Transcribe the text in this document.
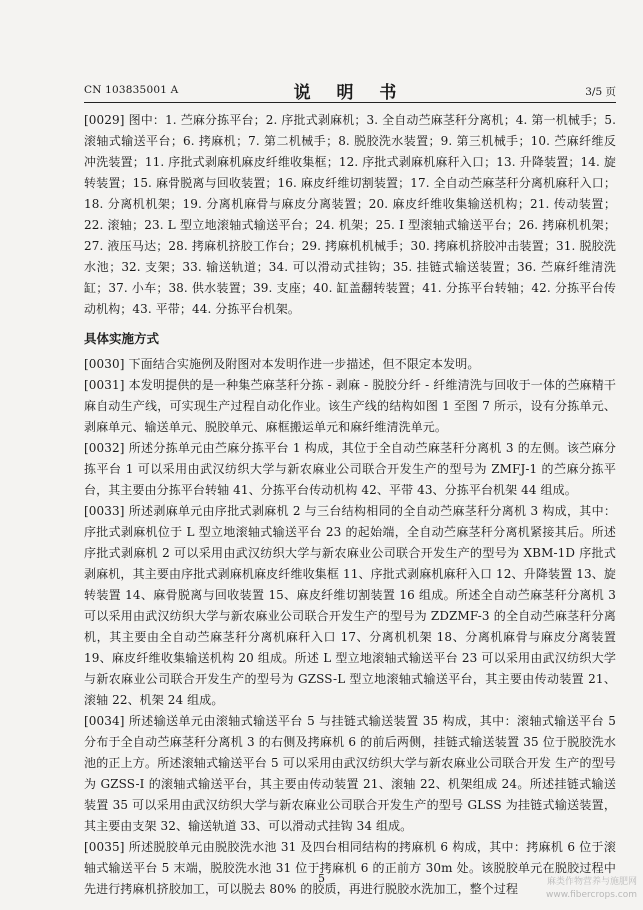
CN 103835001 A	说 明 书	3/5 页

[0029] 图中：1. 苎麻分拣平台；2. 序批式剥麻机；3. 全自动苎麻茎秆分离机；4. 第一机械手；5. 滚轴式输送平台；6. 拷麻机；7. 第二机械手；8. 脱胶洗水装置；9. 第三机械手；10. 苎麻纤维反冲洗装置；11. 序批式剥麻机麻皮纤维收集框；12. 序批式剥麻机麻秆入口；13. 升降装置；14. 旋转装置；15. 麻骨脱离与回收装置；16. 麻皮纤维切割装置；17. 全自动苎麻茎秆分离机麻秆入口；18. 分离机机架；19. 分离机麻骨与麻皮分离装置；20. 麻皮纤维收集输送机构；21. 传动装置；22. 滚轴；23. L 型立地滚轴式输送平台；24. 机架；25. I 型滚轴式输送平台；26. 拷麻机机架；27. 液压马达；28. 拷麻机挤胶工作台；29. 拷麻机机械手；30. 拷麻机挤胶冲击装置；31. 脱胶洗水池；32. 支架；33. 输送轨道；34. 可以滑动式挂钩；35. 挂链式输送装置；36. 苎麻纤维清洗缸；37. 小车；38. 供水装置；39. 支座；40. 缸盖翻转装置；41. 分拣平台转轴；42. 分拣平台传动机构；43. 平带；44. 分拣平台机架。

具体实施方式

[0030] 下面结合实施例及附图对本发明作进一步描述，但不限定本发明。

[0031] 本发明提供的是一种集苎麻茎秆分拣 - 剥麻 - 脱胶分纤 - 纤维清洗与回收于一体的苎麻精干麻自动生产线，可实现生产过程自动化作业。该生产线的结构如图 1 至图 7 所示，设有分拣单元、剥麻单元、输送单元、脱胶单元、麻框搬运单元和麻纤维清洗单元。

[0032] 所述分拣单元由苎麻分拣平台 1 构成，其位于全自动苎麻茎秆分离机 3 的左侧。该苎麻分拣平台 1 可以采用由武汉纺织大学与新农麻业公司联合开发生产的型号为 ZMFJ-1 的苎麻分拣平台，其主要由分拣平台转轴 41、分拣平台传动机构 42、平带 43、分拣平台机架 44 组成。

[0033] 所述剥麻单元由序批式剥麻机 2 与三台结构相同的全自动苎麻茎秆分离机 3 构成，其中：序批式剥麻机位于 L 型立地滚轴式输送平台 23 的起始端，全自动苎麻茎秆分离机紧接其后。所述序批式剥麻机 2 可以采用由武汉纺织大学与新农麻业公司联合开发生产的型号为 XBM-1D 序批式剥麻机，其主要由序批式剥麻机麻皮纤维收集框 11、序批式剥麻机麻秆入口 12、升降装置 13、旋转装置 14、麻骨脱离与回收装置 15、麻皮纤维切割装置 16 组成。所述全自动苎麻茎秆分离机 3 可以采用由武汉纺织大学与新农麻业公司联合开发生产的型号为 ZDZMF-3 的全自动苎麻茎秆分离机，其主要由全自动苎麻茎秆分离机麻秆入口 17、分离机机架 18、分离机麻骨与麻皮分离装置 19、麻皮纤维收集输送机构 20 组成。所述 L 型立地滚轴式输送平台 23 可以采用由武汉纺织大学与新农麻业公司联合开发生产的型号为 GZSS-L 型立地滚轴式输送平台，其主要由传动装置 21、滚轴 22、机架 24 组成。

[0034] 所述输送单元由滚轴式输送平台 5 与挂链式输送装置 35 构成，其中：滚轴式输送平台 5 分布于全自动苎麻茎秆分离机 3 的右侧及拷麻机 6 的前后两侧，挂链式输送装置 35 位于脱胶洗水池的正上方。所述滚轴式输送平台 5 可以采用由武汉纺织大学与新农麻业公司联合开发 生产的型号为 GZSS-I 的滚轴式输送平台，其主要由传动装置 21、滚轴 22、机架组成 24。所述挂链式输送装置 35 可以采用由武汉纺织大学与新农麻业公司联合开发生产的型号 GLSS 为挂链式输送装置，其主要由支架 32、输送轨道 33、可以滑动式挂钩 34 组成。

[0035] 所述脱胶单元由脱胶洗水池 31 及四台相同结构的拷麻机 6 构成，其中：拷麻机 6 位于滚轴式输送平台 5 末端，脱胶洗水池 31 位于拷麻机 6 的正前方 30m 处。该脱胶单元在脱胶过程中先进行拷麻机挤胶加工，可以脱去 80% 的胶质，再进行脱胶水洗加工，整个过程

5	麻类作物营养与施肥网
www.fibercrops.com
